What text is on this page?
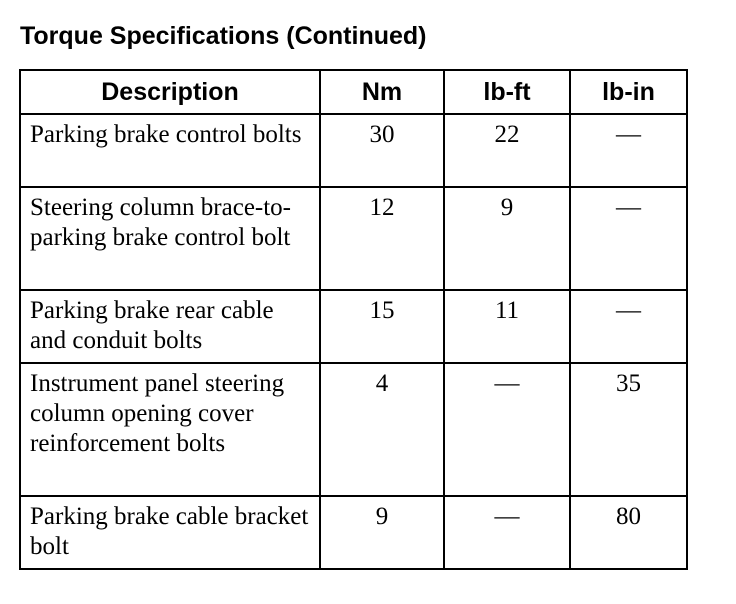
Torque Specifications (Continued)
Description	Nm	lb-ft	lb-in
Parking brake control bolts	30	22	—
Steering column brace-to-parking brake control bolt	12	9	—
Parking brake rear cable and conduit bolts	15	11	—
Instrument panel steering column opening cover reinforcement bolts	4	—	35
Parking brake cable bracket bolt	9	—	80
